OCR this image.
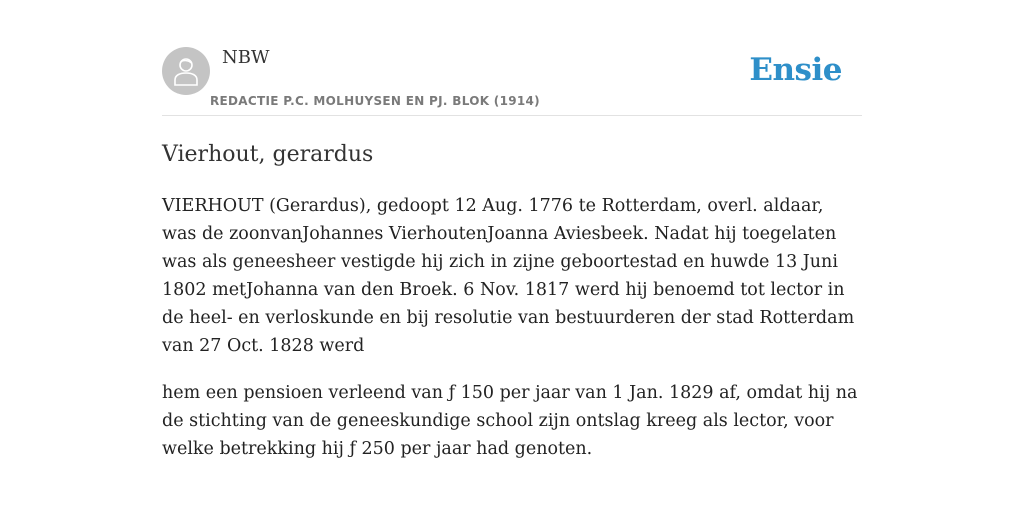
NBW
REDACTIE P.C. MOLHUYSEN EN PJ. BLOK (1914)
Ensie
Vierhout, gerardus

VIERHOUT (Gerardus), gedoopt 12 Aug. 1776 te Rotterdam, overl. aldaar, was de zoonvanJohannes VierhoutenJoanna Aviesbeek. Nadat hij toegelaten was als geneesheer vestigde hij zich in zijne geboortestad en huwde 13 Juni 1802 metJohanna van den Broek. 6 Nov. 1817 werd hij benoemd tot lector in de heel- en verloskunde en bij resolutie van bestuurderen der stad Rotterdam van 27 Oct. 1828 werd

hem een pensioen verleend van ƒ 150 per jaar van 1 Jan. 1829 af, omdat hij na de stichting van de geneeskundige school zijn ontslag kreeg als lector, voor welke betrekking hij ƒ 250 per jaar had genoten.
